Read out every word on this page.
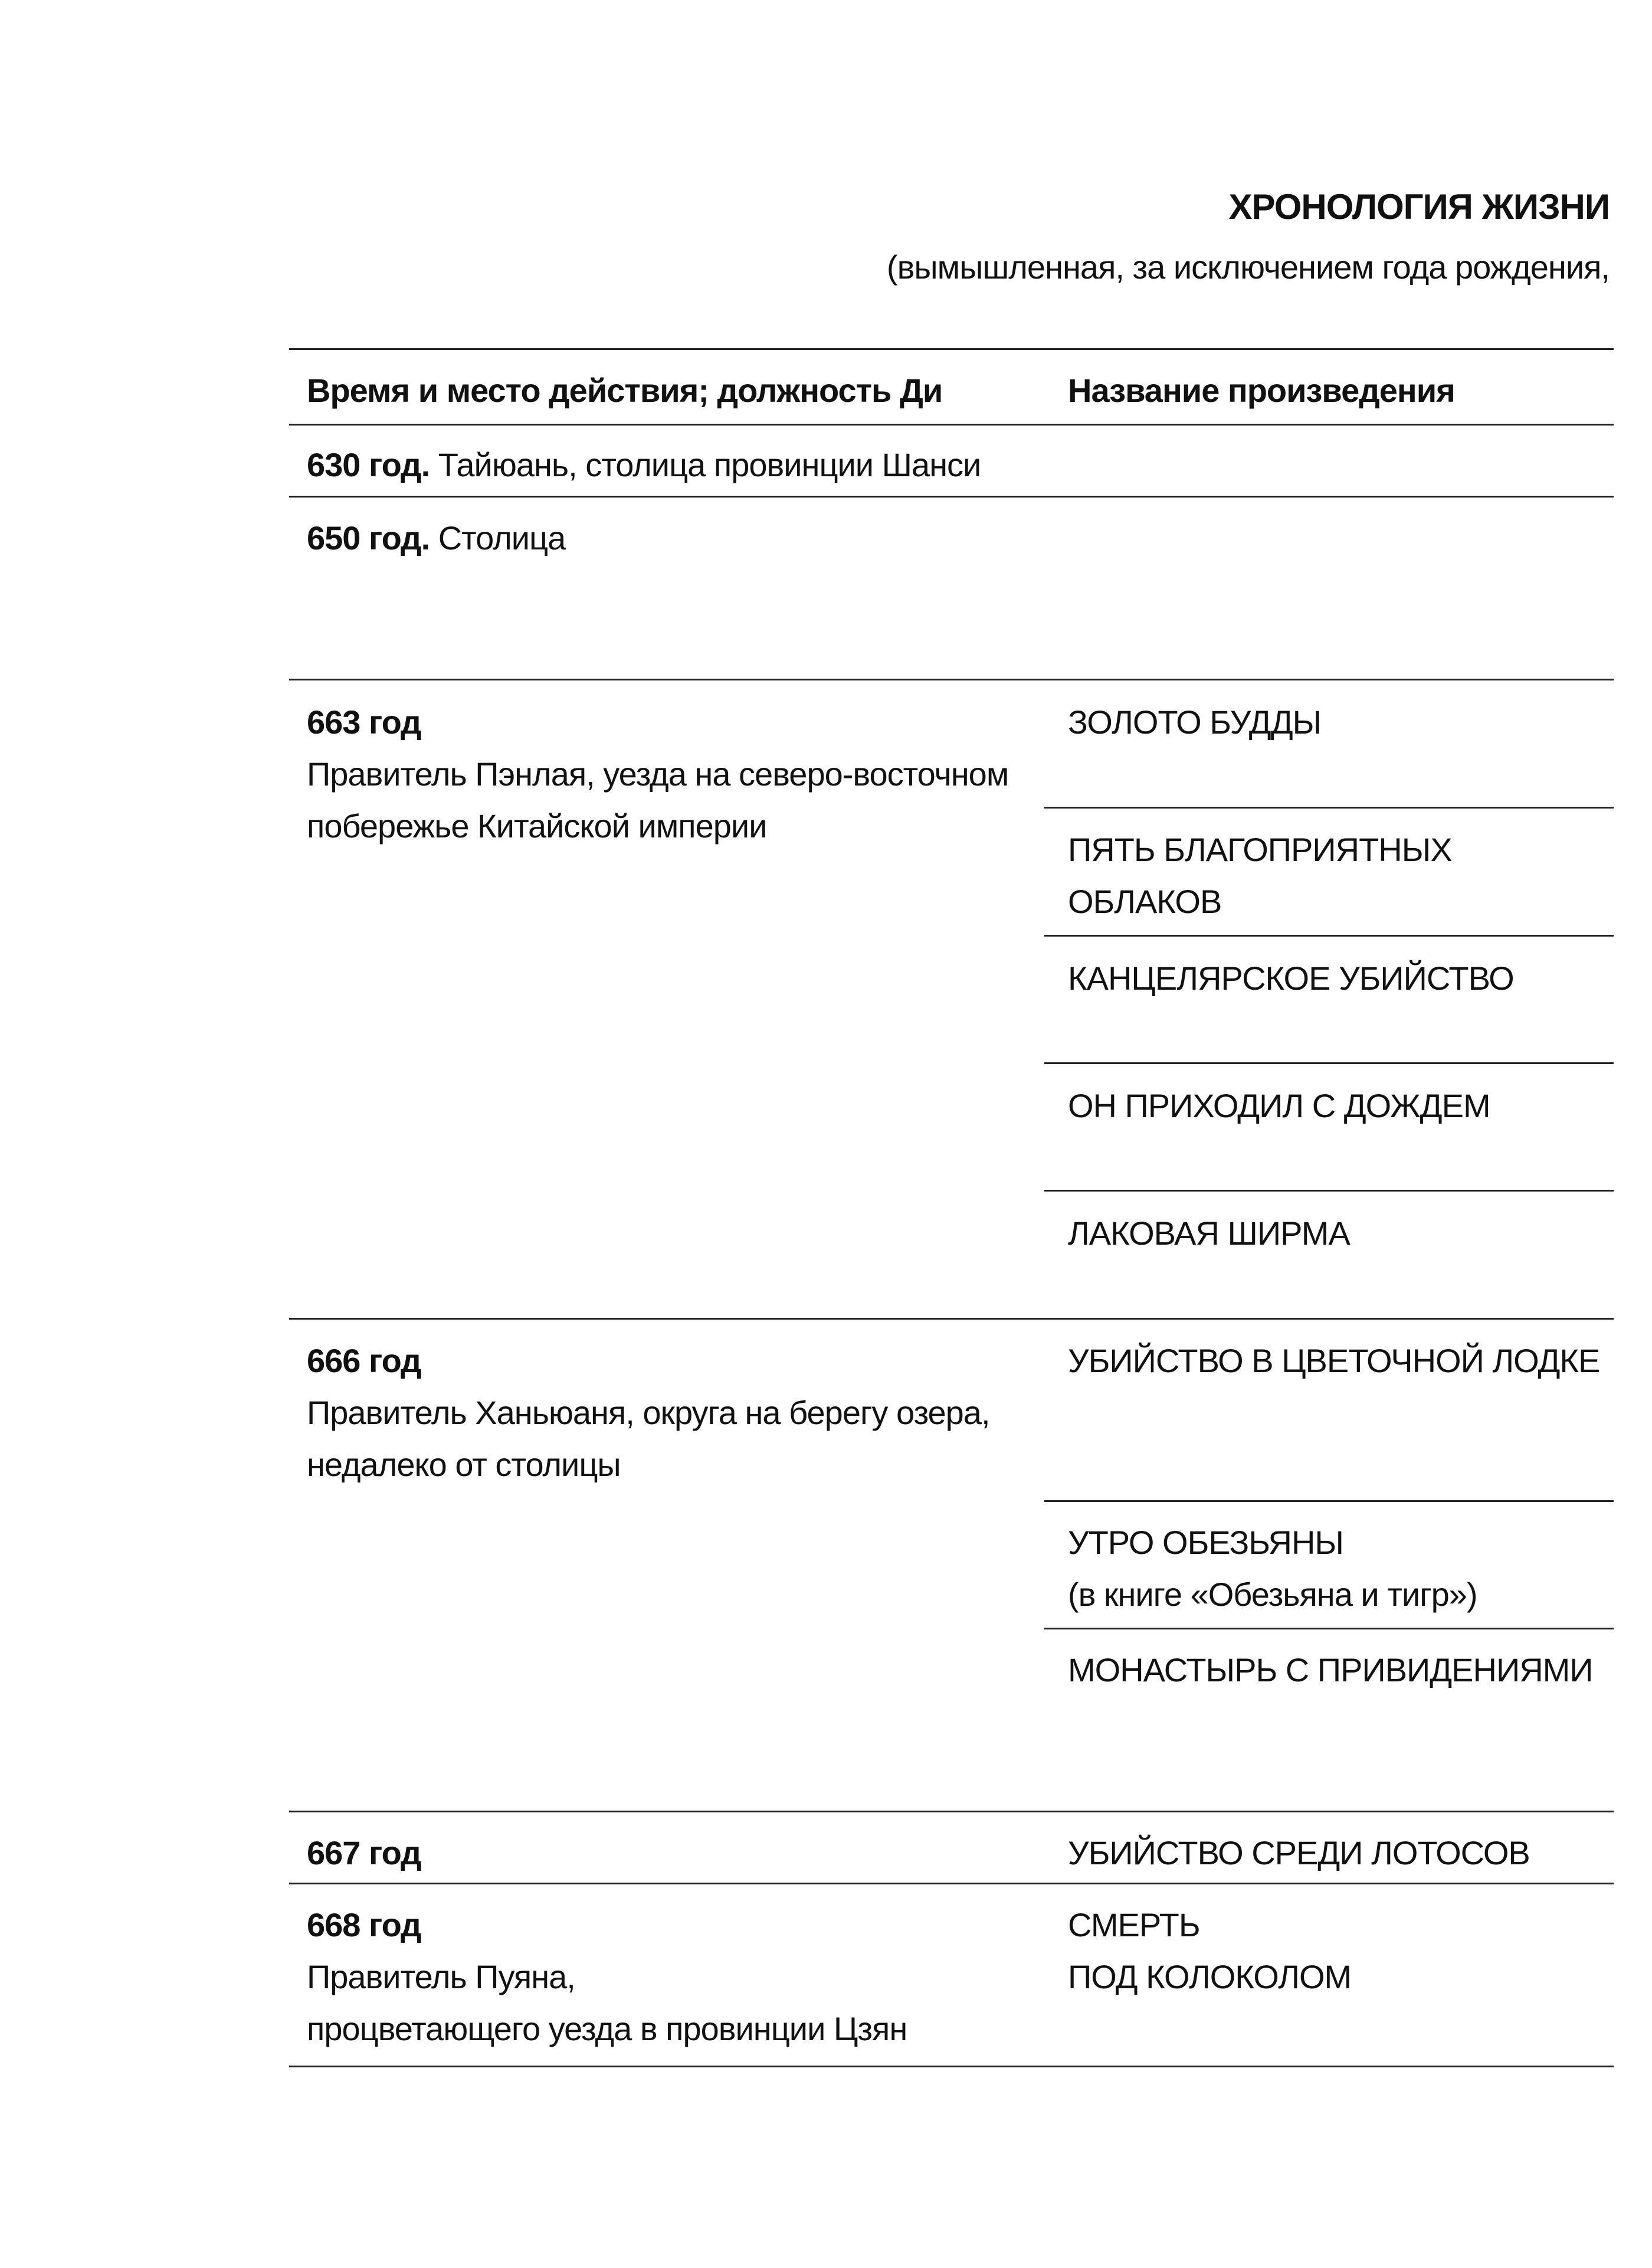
ХРОНОЛОГИЯ ЖИЗНИ
(вымышленная, за исключением года рождения,
Время и место действия; должность Ди	Название произведения
630 год. Тайюань, столица провинции Шанси
650 год. Столица
663 год
Правитель Пэнлая, уезда на северо-восточном
побережье Китайской империи
ЗОЛОТО БУДДЫ
ПЯТЬ БЛАГОПРИЯТНЫХ
ОБЛАКОВ
КАНЦЕЛЯРСКОЕ УБИЙСТВО
ОН ПРИХОДИЛ С ДОЖДЕМ
ЛАКОВАЯ ШИРМА
666 год
Правитель Ханьюаня, округа на берегу озера,
недалеко от столицы
УБИЙСТВО В ЦВЕТОЧНОЙ ЛОДКЕ
УТРО ОБЕЗЬЯНЫ
(в книге «Обезьяна и тигр»)
МОНАСТЫРЬ С ПРИВИДЕНИЯМИ
667 год	УБИЙСТВО СРЕДИ ЛОТОСОВ
668 год
Правитель Пуяна,
процветающего уезда в провинции Цзян
СМЕРТЬ
ПОД КОЛОКОЛОМ
